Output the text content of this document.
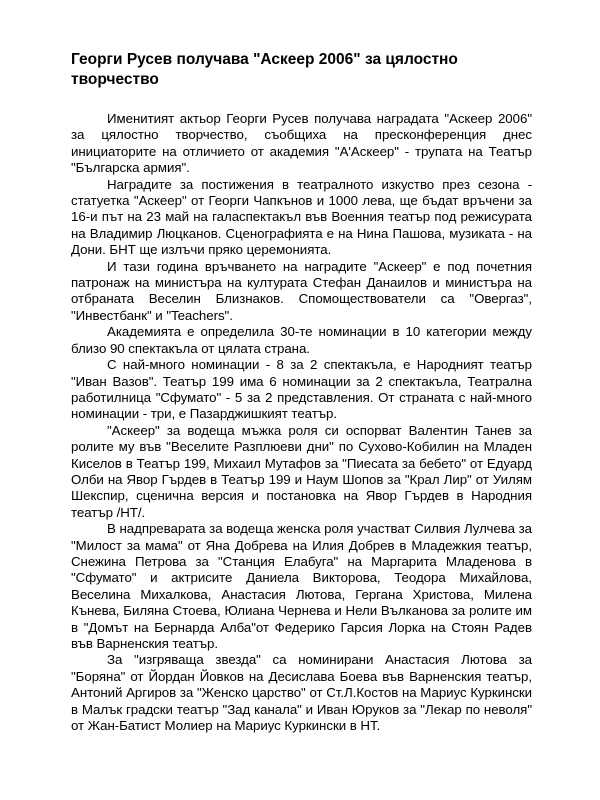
Георги Русев получава "Аскеер 2006" за цялостно творчество

Именитият актьор Георги Русев получава наградата "Аскеер 2006" за цялостно творчество, съобщиха на пресконференция днес инициаторите на отличието от академия "А'Аскеер" - трупата на Театър "Българска армия".

Наградите за постижения в театралното изкуство през сезона - статуетка "Аскеер" от Георги Чапкънов и 1000 лева, ще бъдат връчени за 16-и път на 23 май на галаспектакъл във Военния театър под режисурата на Владимир Люцканов. Сценографията е на Нина Пашова, музиката - на Дони. БНТ ще излъчи пряко церемонията.

И тази година връчването на наградите "Аскеер" е под почетния патронаж на министъра на културата Стефан Данаилов и министъра на отбраната Веселин Близнаков. Спомоществователи са "Овергаз", "Инвестбанк" и "Teachers".

Академията е определила 30-те номинации в 10 категории между близо 90 спектакъла от цялата страна.

С най-много номинации - 8 за 2 спектакъла, е Народният театър "Иван Вазов". Театър 199 има 6 номинации за 2 спектакъла, Театрална работилница "Сфумато" - 5 за 2 представления. От страната с най-много номинации - три, е Пазарджишкият театър.

"Аскеер" за водеща мъжка роля си оспорват Валентин Танев за ролите му във "Веселите Разплюеви дни" по Сухово-Кобилин на Младен Киселов в Театър 199, Михаил Мутафов за "Пиесата за бебето" от Едуард Олби на Явор Гърдев в Театър 199 и Наум Шопов за "Крал Лир" от Уилям Шекспир, сценична версия и постановка на Явор Гърдев в Народния театър /НТ/.

В надпреварата за водеща женска роля участват Силвия Лулчева за "Милост за мама" от Яна Добрева на Илия Добрев в Младежкия театър, Снежина Петрова за "Станция Елабуга" на Маргарита Младенова в "Сфумато" и актрисите Даниела Викторова, Теодора Михайлова, Веселина Михалкова, Анастасия Лютова, Гергана Христова, Милена Кънева, Биляна Стоева, Юлиана Чернева и Нели Вълканова за ролите им в "Домът на Бернарда Алба"от Федерико Гарсия Лорка на Стоян Радев във Варненския театър.

За "изгряваща звезда" са номинирани Анастасия Лютова за "Боряна" от Йордан Йовков на Десислава Боева във Варненския театър, Антоний Аргиров за "Женско царство" от Ст.Л.Костов на Мариус Куркински в Малък градски театър "Зад канала" и Иван Юруков за "Лекар по неволя" от Жан-Батист Молиер на Мариус Куркински в НТ.
